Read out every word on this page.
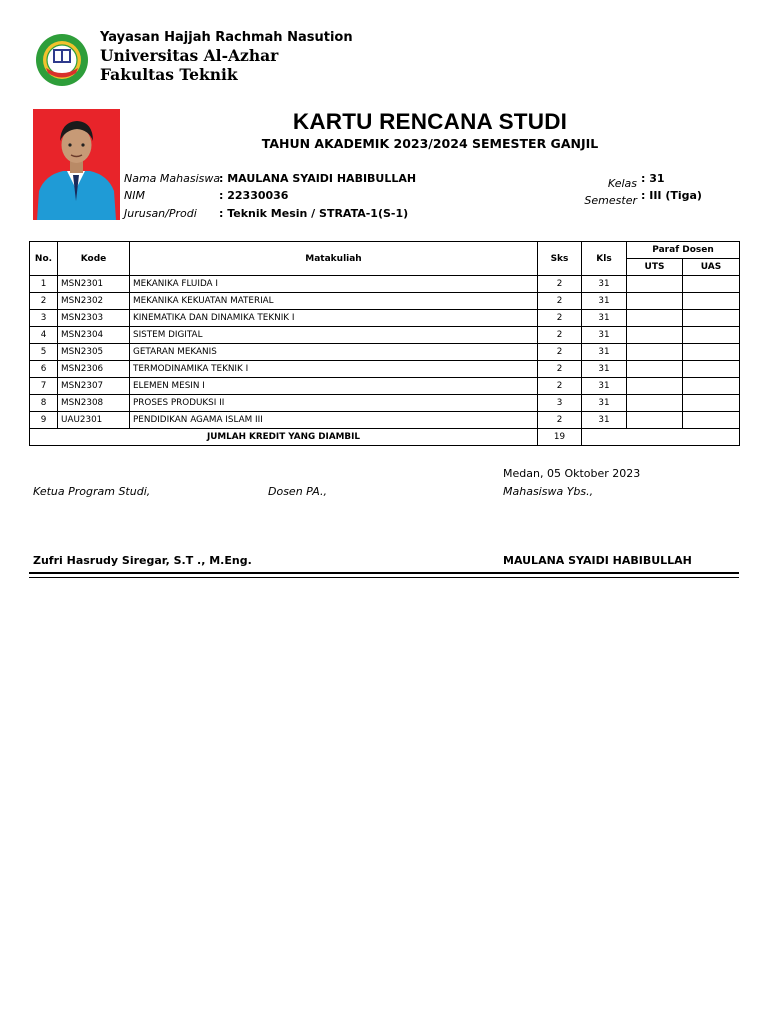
Yayasan Hajjah Rachmah Nasution
Universitas Al-Azhar
Fakultas Teknik
KARTU RENCANA STUDI
TAHUN AKADEMIK 2023/2024 SEMESTER GANJIL
Nama Mahasiswa
: MAULANA SYAIDI HABIBULLAH
NIM	: 22330036
Jurusan/Prodi : Teknik Mesin / STRATA-1(S-1)
Kelas : 31
Semester : III (Tiga)
No.	Kode	Matakuliah	Sks	Kls	Paraf Dosen	
					UTS	UAS
1	MSN2301	MEKANIKA FLUIDA I	2	31		
2	MSN2302	MEKANIKA KEKUATAN MATERIAL	2	31		
3	MSN2303	KINEMATIKA DAN DINAMIKA TEKNIK I	2	31		
4	MSN2304	SISTEM DIGITAL	2	31		
5	MSN2305	GETARAN MEKANIS	2	31		
6	MSN2306	TERMODINAMIKA TEKNIK I	2	31		
7	MSN2307	ELEMEN MESIN I	2	31		
8	MSN2308	PROSES PRODUKSI II	3	31		
9	UAU2301	PENDIDIKAN AGAMA ISLAM III	2	31		
JUMLAH KREDIT YANG DIAMBIL			19			
Medan, 05 Oktober 2023
Ketua Program Studi,	Dosen PA.,	Mahasiswa Ybs.,
Zufri Hasrudy Siregar, S.T ., M.Eng.	MAULANA SYAIDI HABIBULLAH
